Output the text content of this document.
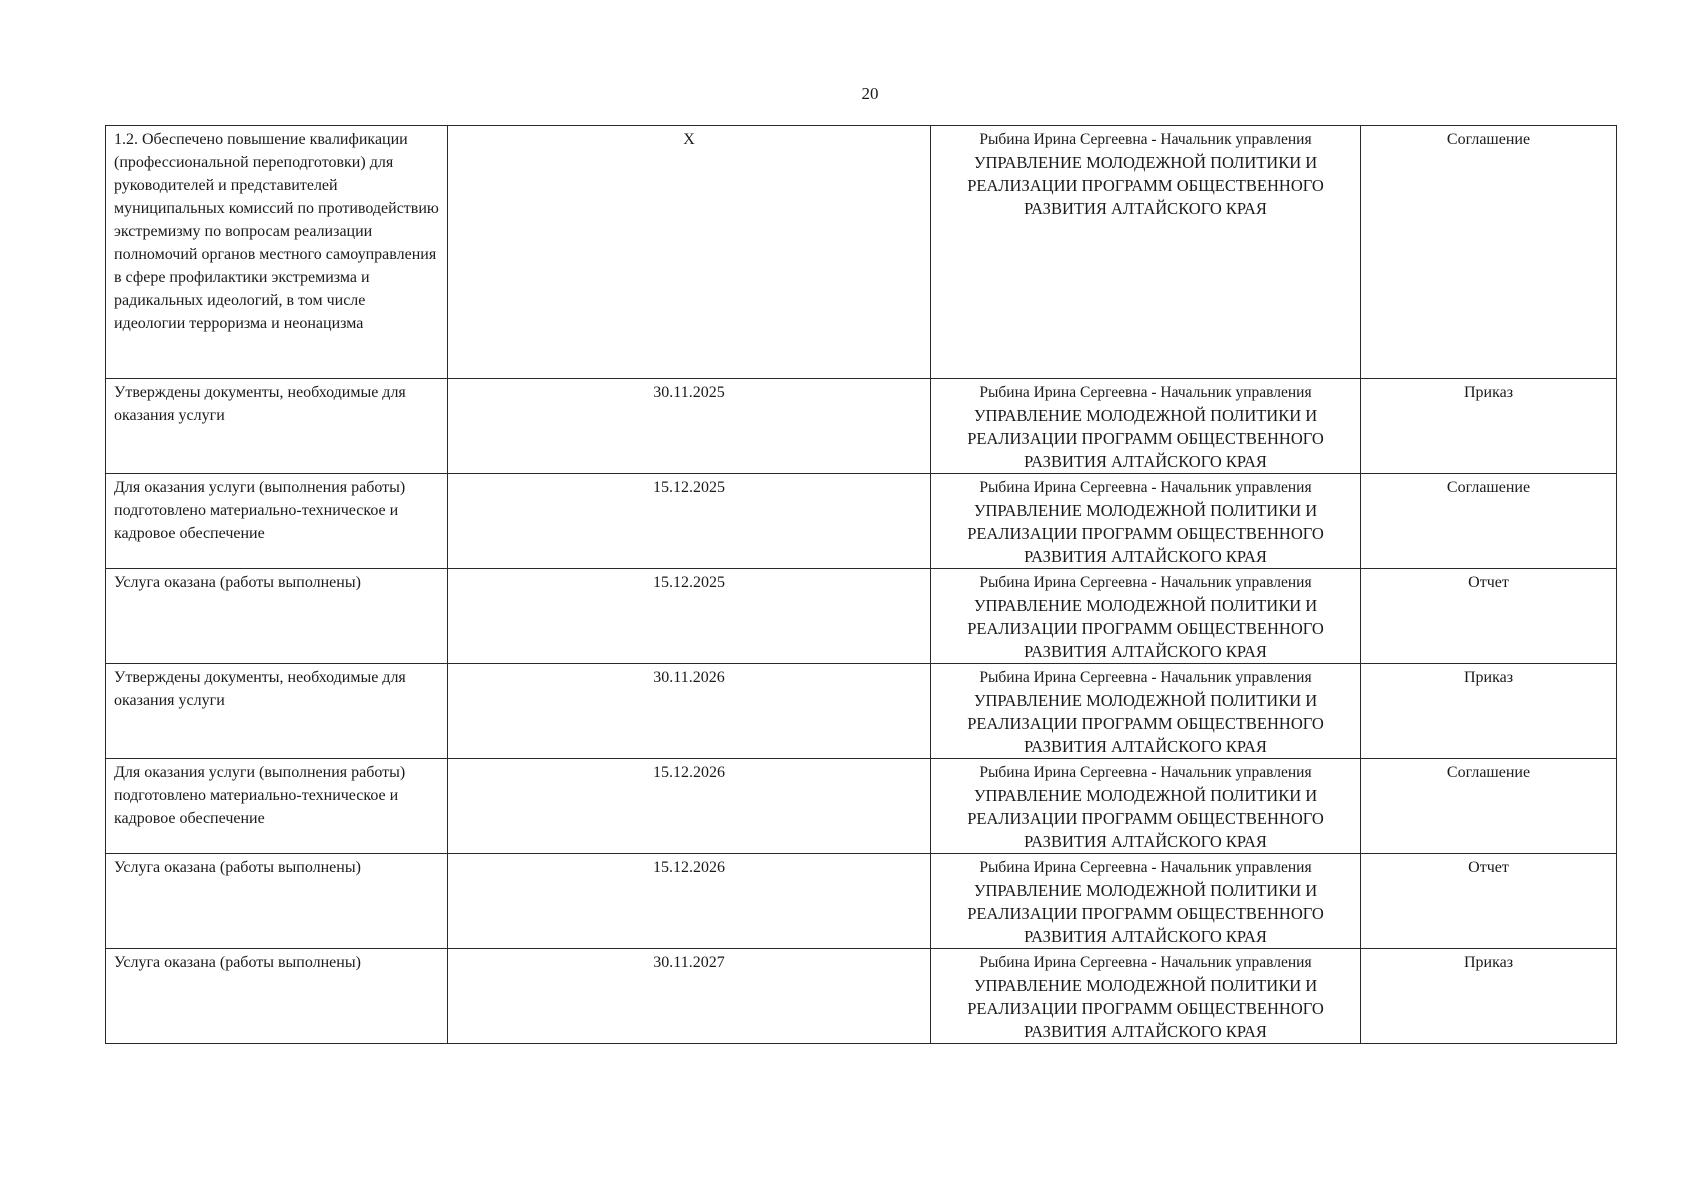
20
1.2. Обеспечено повышение квалификации (профессиональной переподготовки) для руководителей и представителей муниципальных комиссий по противодействию экстремизму по вопросам реализации полномочий органов местного самоуправления в сфере профилактики экстремизма и радикальных идеологий, в том числе идеологии терроризма и неонацизма	X	Рыбина Ирина Сергеевна - Начальник управления
УПРАВЛЕНИЕ МОЛОДЕЖНОЙ ПОЛИТИКИ И РЕАЛИЗАЦИИ ПРОГРАММ ОБЩЕСТВЕННОГО РАЗВИТИЯ АЛТАЙСКОГО КРАЯ	Соглашение
Утверждены документы, необходимые для оказания услуги	30.11.2025	Рыбина Ирина Сергеевна - Начальник управления
УПРАВЛЕНИЕ МОЛОДЕЖНОЙ ПОЛИТИКИ И РЕАЛИЗАЦИИ ПРОГРАММ ОБЩЕСТВЕННОГО РАЗВИТИЯ АЛТАЙСКОГО КРАЯ	Приказ
Для оказания услуги (выполнения работы) подготовлено материально-техническое и кадровое обеспечение	15.12.2025	Рыбина Ирина Сергеевна - Начальник управления
УПРАВЛЕНИЕ МОЛОДЕЖНОЙ ПОЛИТИКИ И РЕАЛИЗАЦИИ ПРОГРАММ ОБЩЕСТВЕННОГО РАЗВИТИЯ АЛТАЙСКОГО КРАЯ	Соглашение
Услуга оказана (работы выполнены)	15.12.2025	Рыбина Ирина Сергеевна - Начальник управления
УПРАВЛЕНИЕ МОЛОДЕЖНОЙ ПОЛИТИКИ И РЕАЛИЗАЦИИ ПРОГРАММ ОБЩЕСТВЕННОГО РАЗВИТИЯ АЛТАЙСКОГО КРАЯ	Отчет
Утверждены документы, необходимые для оказания услуги	30.11.2026	Рыбина Ирина Сергеевна - Начальник управления
УПРАВЛЕНИЕ МОЛОДЕЖНОЙ ПОЛИТИКИ И РЕАЛИЗАЦИИ ПРОГРАММ ОБЩЕСТВЕННОГО РАЗВИТИЯ АЛТАЙСКОГО КРАЯ	Приказ
Для оказания услуги (выполнения работы) подготовлено материально-техническое и кадровое обеспечение	15.12.2026	Рыбина Ирина Сергеевна - Начальник управления
УПРАВЛЕНИЕ МОЛОДЕЖНОЙ ПОЛИТИКИ И РЕАЛИЗАЦИИ ПРОГРАММ ОБЩЕСТВЕННОГО РАЗВИТИЯ АЛТАЙСКОГО КРАЯ	Соглашение
Услуга оказана (работы выполнены)	15.12.2026	Рыбина Ирина Сергеевна - Начальник управления
УПРАВЛЕНИЕ МОЛОДЕЖНОЙ ПОЛИТИКИ И РЕАЛИЗАЦИИ ПРОГРАММ ОБЩЕСТВЕННОГО РАЗВИТИЯ АЛТАЙСКОГО КРАЯ	Отчет
Услуга оказана (работы выполнены)	30.11.2027	Рыбина Ирина Сергеевна - Начальник управления
УПРАВЛЕНИЕ МОЛОДЕЖНОЙ ПОЛИТИКИ И РЕАЛИЗАЦИИ ПРОГРАММ ОБЩЕСТВЕННОГО РАЗВИТИЯ АЛТАЙСКОГО КРАЯ	Приказ
